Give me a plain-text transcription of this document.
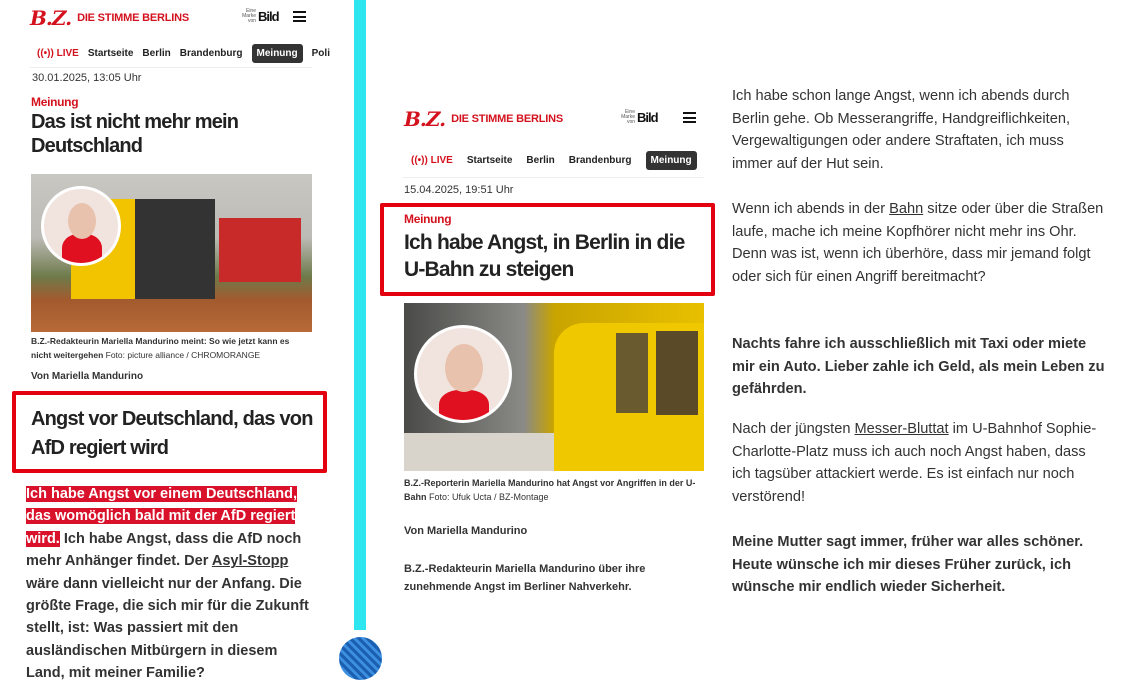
B.Z. DIE STIMME BERLINS
Eine Marke von Bild
((•)) LIVE Startseite Berlin Brandenburg	Meinung	Poli
30.01.2025, 13:05 Uhr
Meinung
Das ist nicht mehr mein Deutschland
B.Z.-Redakteurin Mariella Mandurino meint: So wie jetzt kann es nicht weitergehen Foto: picture alliance / CHROMORANGE
Von Mariella Mandurino
Angst vor Deutschland, das von AfD regiert wird
Ich habe Angst vor einem Deutschland, das womöglich bald mit der AfD regiert wird. Ich habe Angst, dass die AfD noch mehr Anhänger findet. Der Asyl-Stopp wäre dann vielleicht nur der Anfang. Die größte Frage, die sich mir für die Zukunft stellt, ist: Was passiert mit den ausländischen Mitbürgern in diesem Land, mit meiner Familie?
B.Z. DIE STIMME BERLINS
Eine Marke von Bild
((•)) LIVE Startseite Berlin Brandenburg	Meinung
15.04.2025, 19:51 Uhr
Meinung
Ich habe Angst, in Berlin in die U-Bahn zu steigen
B.Z.-Reporterin Mariella Mandurino hat Angst vor Angriffen in der U-Bahn Foto: Ufuk Ucta / BZ-Montage
Von Mariella Mandurino
B.Z.-Redakteurin Mariella Mandurino über ihre zunehmende Angst im Berliner Nahverkehr.
Ich habe schon lange Angst, wenn ich abends durch Berlin gehe. Ob Messerangriffe, Handgreiflichkeiten, Vergewaltigungen oder andere Straftaten, ich muss immer auf der Hut sein.
Wenn ich abends in der Bahn sitze oder über die Straßen laufe, mache ich meine Kopfhörer nicht mehr ins Ohr. Denn was ist, wenn ich überhöre, dass mir jemand folgt oder sich für einen Angriff bereitmacht?
Nachts fahre ich ausschließlich mit Taxi oder miete mir ein Auto. Lieber zahle ich Geld, als mein Leben zu gefährden.
Nach der jüngsten Messer-Bluttat im U-Bahnhof Sophie-Charlotte-Platz muss ich auch noch Angst haben, dass ich tagsüber attackiert werde. Es ist einfach nur noch verstörend!
Meine Mutter sagt immer, früher war alles schöner. Heute wünsche ich mir dieses Früher zurück, ich wünsche mir endlich wieder Sicherheit.
